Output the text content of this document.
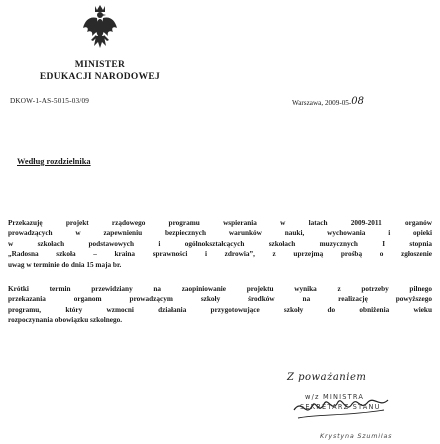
MINISTER
EDUKACJI NARODOWEJ
DKOW-1-AS-5015-03/09	Warszawa, 2009-05-08
Według rozdzielnika
Przekazuję projekt rządowego programu wspierania w latach 2009-2011 organów
prowadzących w zapewnieniu bezpiecznych warunków nauki, wychowania i opieki
w szkołach podstawowych i ogólnokształcących szkołach muzycznych I stopnia
„Radosna szkoła – kraina sprawności i zdrowia”, z uprzejmą prośbą o zgłoszenie
uwag w terminie do dnia 15 maja br.
Krótki termin przewidziany na zaopiniowanie projektu wynika z potrzeby pilnego
przekazania organom prowadzącym szkoły środków na realizację powyższego
programu, który wzmocni działania przygotowujące szkoły do obniżenia wieku
rozpoczynania obowiązku szkolnego.
Z poważaniem
w/z MINISTRA
SEKRETARZ STANU
Krystyna Szumilas
